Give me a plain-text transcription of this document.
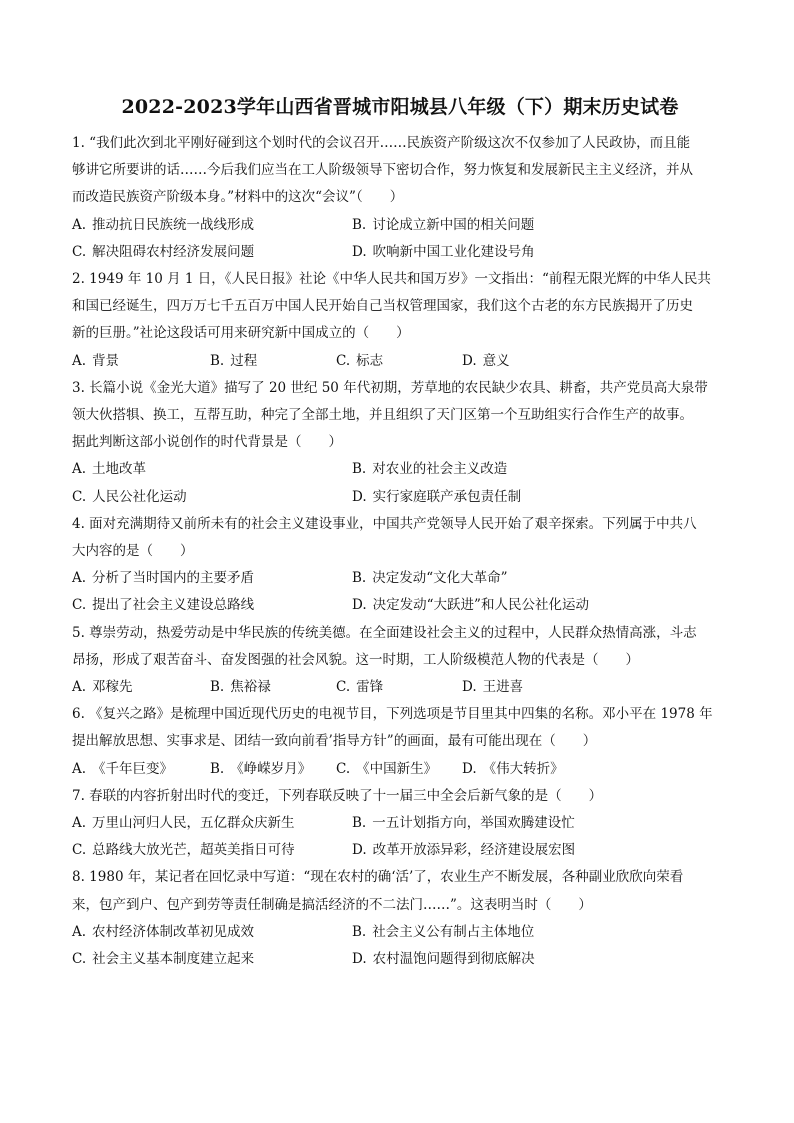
2022-2023学年山西省晋城市阳城县八年级（下）期末历史试卷
1. “我们此次到北平刚好碰到这个划时代的会议召开……民族资产阶级这次不仅参加了人民政协，而且能
够讲它所要讲的话……今后我们应当在工人阶级领导下密切合作，努力恢复和发展新民主主义经济，并从
而改造民族资产阶级本身。”材料中的这次“会议”（　　）
A. 推动抗日民族统一战线形成	B. 讨论成立新中国的相关问题
C. 解决阻碍农村经济发展问题	D. 吹响新中国工业化建设号角
2. 1949 年 10 月 1 日，《人民日报》社论《中华人民共和国万岁》一文指出：“前程无限光辉的中华人民共
和国已经诞生，四万万七千五百万中国人民开始自己当权管理国家，我们这个古老的东方民族揭开了历史
新的巨册。”社论这段话可用来研究新中国成立的（　　）
A. 背景	B. 过程	C. 标志	D. 意义
3. 长篇小说《金光大道》描写了 20 世纪 50 年代初期，芳草地的农民缺少农具、耕畜，共产党员高大泉带
领大伙搭犋、换工，互帮互助，种完了全部土地，并且组织了天门区第一个互助组实行合作生产的故事。
据此判断这部小说创作的时代背景是（　　）
A. 土地改革	B. 对农业的社会主义改造
C. 人民公社化运动	D. 实行家庭联产承包责任制
4. 面对充满期待又前所未有的社会主义建设事业，中国共产党领导人民开始了艰辛探索。下列属于中共八
大内容的是（　　）
A. 分析了当时国内的主要矛盾	B. 决定发动“文化大革命”
C. 提出了社会主义建设总路线	D. 决定发动“大跃进”和人民公社化运动
5. 尊崇劳动，热爱劳动是中华民族的传统美德。在全面建设社会主义的过程中，人民群众热情高涨，斗志
昂扬，形成了艰苦奋斗、奋发图强的社会风貌。这一时期，工人阶级模范人物的代表是（　　）
A. 邓稼先	B. 焦裕禄	C. 雷锋	D. 王进喜
6. 《复兴之路》是梳理中国近现代历史的电视节目，下列选项是节目里其中四集的名称。邓小平在 1978 年
提出解放思想、实事求是、团结一致向前看’指导方针”的画面，最有可能出现在（　　）
A. 《千年巨变》	B. 《峥嵘岁月》	C. 《中国新生》	D. 《伟大转折》
7. 春联的内容折射出时代的变迁，下列春联反映了十一届三中全会后新气象的是（　　）
A. 万里山河归人民，五亿群众庆新生	B. 一五计划指方向，举国欢腾建设忙
C. 总路线大放光芒，超英美指日可待	D. 改革开放添异彩，经济建设展宏图
8. 1980 年，某记者在回忆录中写道：“现在农村的确‘活’了，农业生产不断发展，各种副业欣欣向荣看
来，包产到户、包产到劳等责任制确是搞活经济的不二法门……”。这表明当时（　　）
A. 农村经济体制改革初见成效	B. 社会主义公有制占主体地位
C. 社会主义基本制度建立起来	D. 农村温饱问题得到彻底解决
